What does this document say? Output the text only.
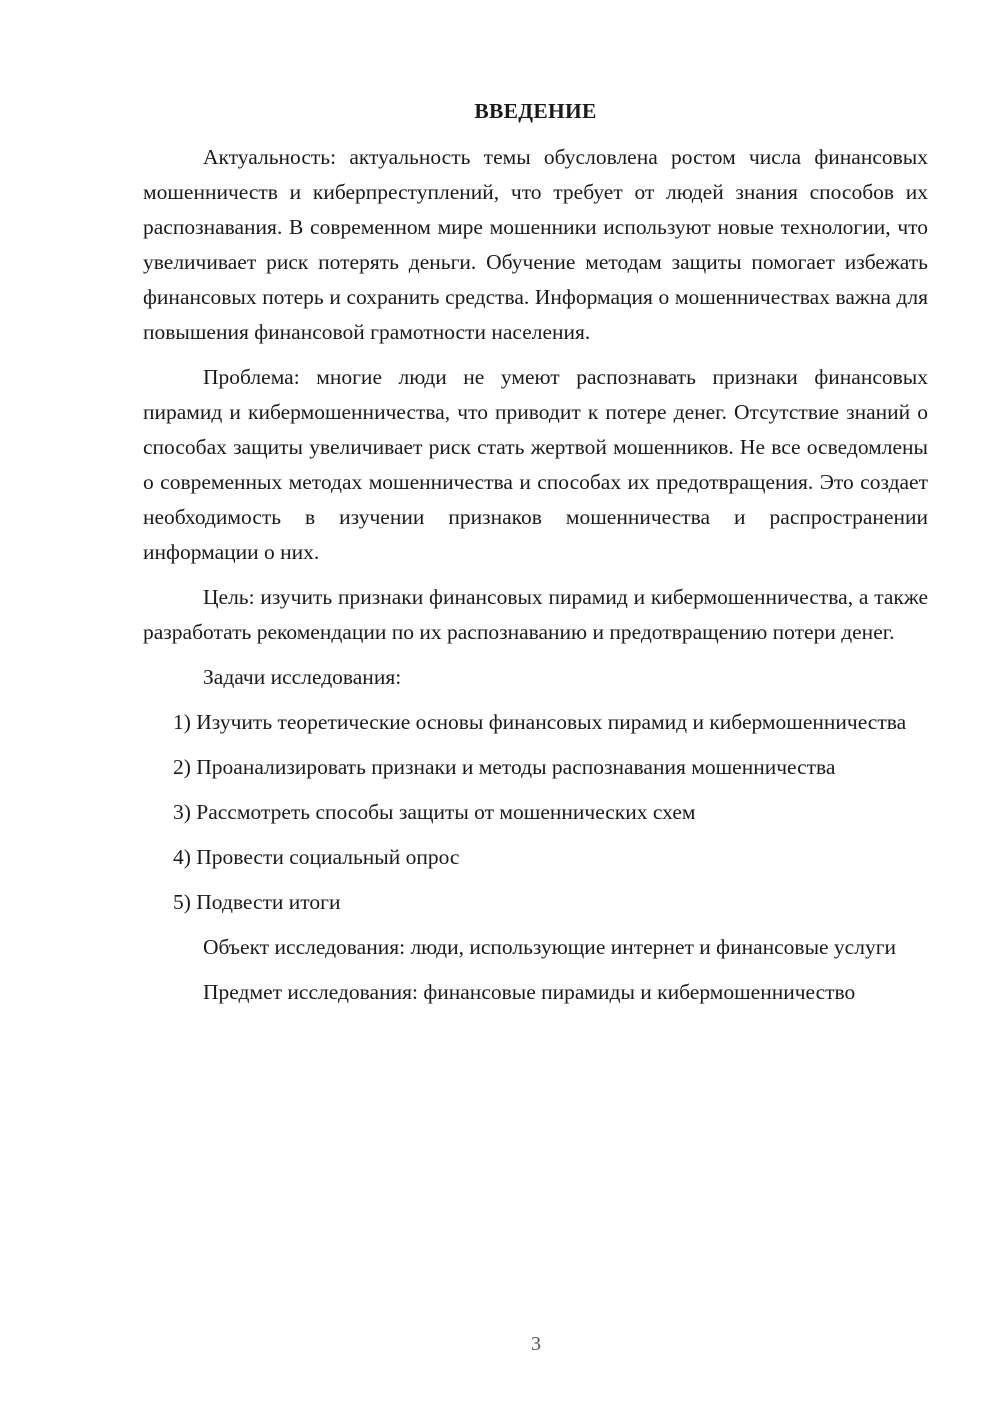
ВВЕДЕНИЕ

Актуальность: актуальность темы обусловлена ростом числа финансовых мошенничеств и киберпреступлений, что требует от людей знания способов их распознавания. В современном мире мошенники используют новые технологии, что увеличивает риск потерять деньги. Обучение методам защиты помогает избежать финансовых потерь и сохранить средства. Информация о мошенничествах важна для повышения финансовой грамотности населения.

Проблема: многие люди не умеют распознавать признаки финансовых пирамид и кибермошенничества, что приводит к потере денег. Отсутствие знаний о способах защиты увеличивает риск стать жертвой мошенников. Не все осведомлены о современных методах мошенничества и способах их предотвращения. Это создает необходимость в изучении признаков мошенничества и распространении информации о них.

Цель: изучить признаки финансовых пирамид и кибермошенничества, а также разработать рекомендации по их распознаванию и предотвращению потери денег.

Задачи исследования:

1) Изучить теоретические основы финансовых пирамид и кибермошенничества

2) Проанализировать признаки и методы распознавания мошенничества

3) Рассмотреть способы защиты от мошеннических схем

4) Провести социальный опрос

5) Подвести итоги

Объект исследования: люди, использующие интернет и финансовые услуги

Предмет исследования: финансовые пирамиды и кибермошенничество

3
